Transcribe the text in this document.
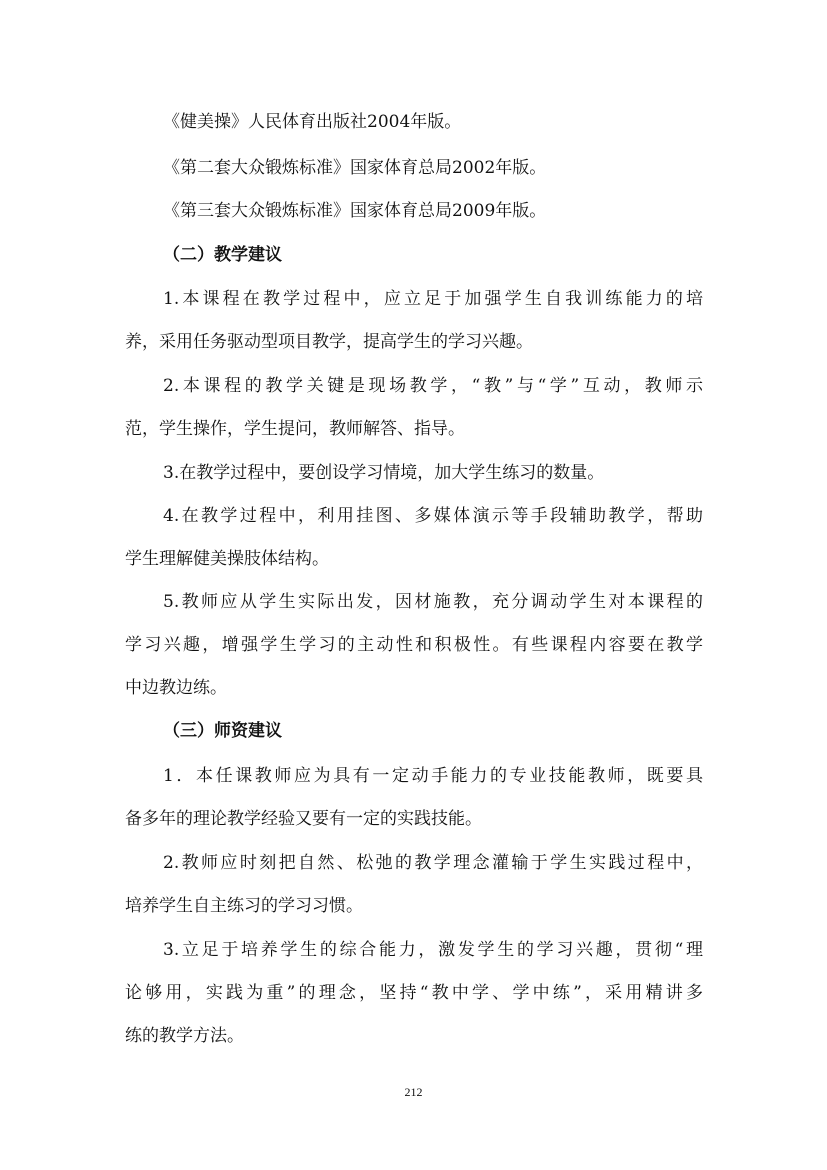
《健美操》人民体育出版社2004年版。
《第二套大众锻炼标准》国家体育总局2002年版。
《第三套大众锻炼标准》国家体育总局2009年版。
（二）教学建议
1.本课程在教学过程中，应立足于加强学生自我训练能力的培
养，采用任务驱动型项目教学，提高学生的学习兴趣。
2.本课程的教学关键是现场教学，“教”与“学”互动，教师示
范，学生操作，学生提问，教师解答、指导。
3.在教学过程中，要创设学习情境，加大学生练习的数量。
4.在教学过程中，利用挂图、多媒体演示等手段辅助教学，帮助
学生理解健美操肢体结构。
5.教师应从学生实际出发，因材施教，充分调动学生对本课程的
学习兴趣，增强学生学习的主动性和积极性。有些课程内容要在教学
中边教边练。
（三）师资建议
1．本任课教师应为具有一定动手能力的专业技能教师，既要具
备多年的理论教学经验又要有一定的实践技能。
2.教师应时刻把自然、松弛的教学理念灌输于学生实践过程中，
培养学生自主练习的学习习惯。
3.立足于培养学生的综合能力，激发学生的学习兴趣，贯彻“理
论够用，实践为重”的理念，坚持“教中学、学中练”，采用精讲多
练的教学方法。
212
